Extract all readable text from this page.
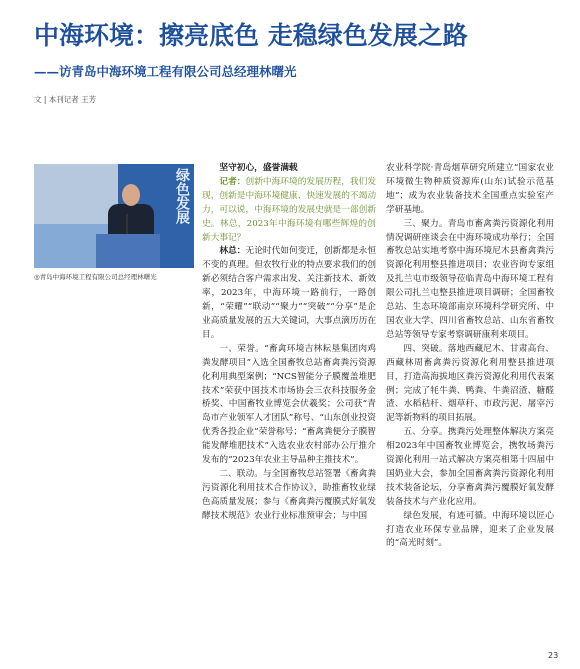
中海环境：擦亮底色 走稳绿色发展之路
——访青岛中海环境工程有限公司总经理林曙光
文 | 本刊记者 王芳
绿色发展
◎青岛中海环境工程有限公司总经理林曙光

坚守初心，盛誉满载

记者：创新中海环境的发展历程，我们发现，创新是中海环境健康、快速发展的不竭动力，可以说，中海环境的发展史就是一部创新史。林总，2023年中海环境有哪些辉煌的创新大事记？

林总：无论时代如何变迁，创新都是永恒不变的真理。但农牧行业的特点要求我们的创新必须结合客户需求出发、关注新技术、新效率，2023年，中海环境一路前行，一路创新，“荣耀”“联动”“聚力”“突破”“分享”是企业高质量发展的五大关键词，大事点滴历历在目。

一、荣誉。“畜禽环境吉林耘垦集团肉鸡粪发酵项目”入选全国畜牧总站畜禽粪污资源化利用典型案例；“NCS智能分子膜覆盖堆肥技术”荣获中国技术市场协会三农科技服务金桥奖、中国畜牧业博览会伏羲奖；公司获“青岛市产业领军人才团队”称号、“山东创业投资优秀各投企业”荣誉称号；“畜禽粪便分子膜智能发酵堆肥技术”入选农业农村部办公厅推介发布的“2023年农业主导品种主推技术”。

二、联动。与全国畜牧总站签署《畜禽粪污资源化利用技术合作协议》，助推畜牧业绿色高质量发展；参与《畜禽粪污覆膜式好氧发酵技术规范》农业行业标准预审会；与中国

农业科学院·青岛烟草研究所建立“国家农业环境微生物种质资源库(山东)试验示范基地”；成为农业装备技术全国重点实验室产学研基地。

三、聚力。青岛市畜禽粪污资源化利用情况调研座谈会在中海环境成功举行；全国畜牧总站实地考察中海环境尼木县畜禽粪污资源化利用整县推进项目；农业咨询专家组及扎兰屯市级领导莅临青岛中海环境工程有限公司扎兰屯整县推进项目调研；全国畜牧总站、生态环境部南京环境科学研究所、中国农业大学、四川省畜牧总站、山东省畜牧总站等领导专家考察调研康利来项目。

四、突破。落地西藏尼木、甘肃高台、西藏林周畜禽粪污资源化利用整县推进项目，打造高海拔地区粪污资源化利用代表案例；完成了牦牛粪、鸭粪、牛粪沼渣、糖醛渣、水稻秸秆、烟草秆、市政污泥、屠宰污泥等新物料的项目拓展。

五、分享。携粪污处理整体解决方案亮相2023年中国畜牧业博览会，携牧场粪污资源化利用一站式解决方案亮相第十四届中国奶业大会，参加全国畜禽粪污资源化利用技术装备论坛，分享畜禽粪污覆膜好氧发酵装备技术与产业化应用。

绿色发展，有迹可循。中海环境以匠心打造农业环保专业品牌，迎来了企业发展的“高光时刻”。

23
